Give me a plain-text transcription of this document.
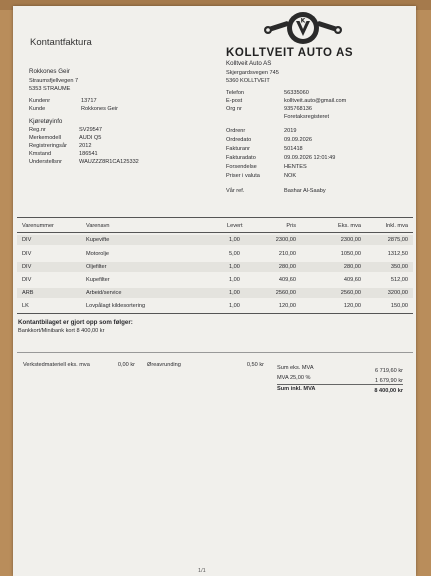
Kontantfaktura
K
KOLLTVEIT AUTO AS
Kolltveit Auto AS
Skjergardsvegen 745
5360 KOLLTVEIT
Telefon	56335060
E-post	kolltveit.auto@gmail.com
Org nr	935768136
Foretaksregisteret
Rokkones Geir
Straumsfjellvegen 7
5353 STRAUME
Kundenr	13717
Kunde	Rokkones Geir
Kjøretøyinfo
Reg.nr	SV29547
Merkemodell	AUDI Q5
Registreringsår 2012
Kmstand	186541
Understellsnr	WAUZZZ8R1CA125332
Ordrenr	2019
Ordredato	09.09.2026
Fakturanr	501418
Fakturadato	09.09.2026 12:01:49
Forsendelse	HENTES
Priser i valuta	NOK
Vår ref.	Bashar Al-Saaby
Varenummer	Varenavn	Levert	Pris	Eks. mva	Inkl. mva
DIV	Kupevifte	1,00	2300,00	2300,00	2875,00
DIV	Motorolje	5,00	210,00	1050,00	1312,50
DIV	Oljefilter	1,00	280,00	280,00	350,00
DIV	Kupefilter	1,00	409,60	409,60	512,00
ARB	Arbeid/service	1,00	2560,00	2560,00	3200,00
LK	Lovpålagt kildesortering	1,00	120,00	120,00	150,00
Kontantbilaget er gjort opp som følger:
Bankkort/Minibank kort 8 400,00 kr
Verkstedmateriell eks. mva	0,00 kr Øreavrunding	0,50 kr Sum eks. MVA	6 719,60 kr
MVA 25,00 %	1 679,90 kr
Sum inkl. MVA	8 400,00 kr
1/1
